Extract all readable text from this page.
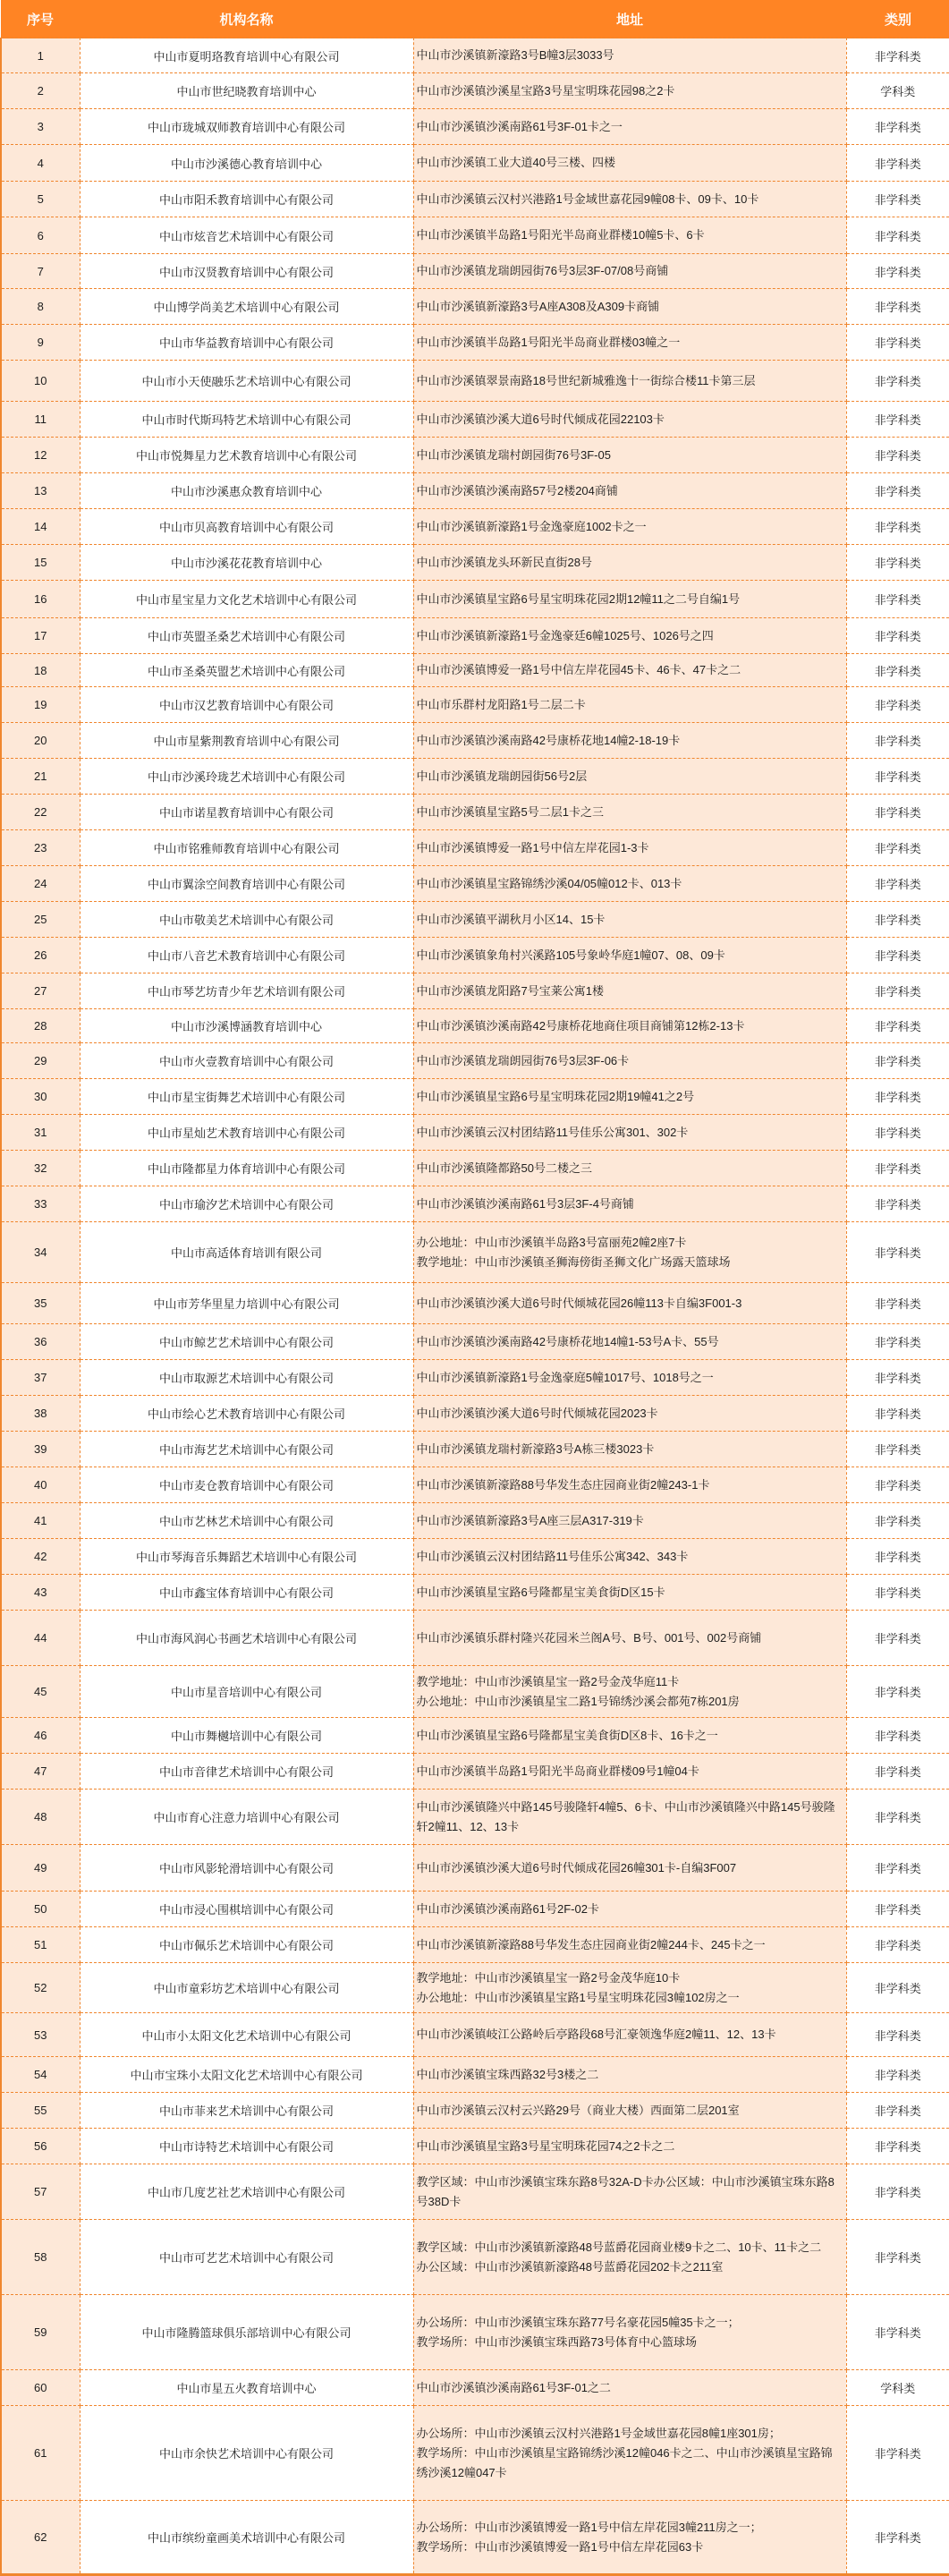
序号	机构名称	地址	类别
1	中山市夏明珞教育培训中心有限公司	中山市沙溪镇新濠路3号B幢3层3033号	非学科类
2	中山市世纪晓教育培训中心	中山市沙溪镇沙溪星宝路3号星宝明珠花园98之2卡	学科类
3	中山市珑城双师教育培训中心有限公司	中山市沙溪镇沙溪南路61号3F-01卡之一	非学科类
4	中山市沙溪德心教育培训中心	中山市沙溪镇工业大道40号三楼、四楼	非学科类
5	中山市阳禾教育培训中心有限公司	中山市沙溪镇云汉村兴港路1号金域世嘉花园9幢08卡、09卡、10卡	非学科类
6	中山市炫音艺术培训中心有限公司	中山市沙溪镇半岛路1号阳光半岛商业群楼10幢5卡、6卡	非学科类
7	中山市汉贤教育培训中心有限公司	中山市沙溪镇龙瑞朗园街76号3层3F-07/08号商铺	非学科类
8	中山博学尚美艺术培训中心有限公司	中山市沙溪镇新濠路3号A座A308及A309卡商铺	非学科类
9	中山市华益教育培训中心有限公司	中山市沙溪镇半岛路1号阳光半岛商业群楼03幢之一	非学科类
10	中山市小天使融乐艺术培训中心有限公司	中山市沙溪镇翠景南路18号世纪新城雅逸十一街综合楼11卡第三层	非学科类
11	中山市时代斯玛特艺术培训中心有限公司	中山市沙溪镇沙溪大道6号时代倾成花园22103卡	非学科类
12	中山市悦舞星力艺术教育培训中心有限公司	中山市沙溪镇龙瑞村朗园街76号3F-05	非学科类
13	中山市沙溪惠众教育培训中心	中山市沙溪镇沙溪南路57号2楼204商铺	非学科类
14	中山市贝高教育培训中心有限公司	中山市沙溪镇新濠路1号金逸豪庭1002卡之一	非学科类
15	中山市沙溪花花教育培训中心	中山市沙溪镇龙头环新民直街28号	非学科类
16	中山市星宝星力文化艺术培训中心有限公司	中山市沙溪镇星宝路6号星宝明珠花园2期12幢11之二号自编1号	非学科类
17	中山市英盟圣桑艺术培训中心有限公司	中山市沙溪镇新濠路1号金逸豪廷6幢1025号、1026号之四	非学科类
18	中山市圣桑英盟艺术培训中心有限公司	中山市沙溪镇博爱一路1号中信左岸花园45卡、46卡、47卡之二	非学科类
19	中山市汉艺教育培训中心有限公司	中山市乐群村龙阳路1号二层二卡	非学科类
20	中山市星紫荆教育培训中心有限公司	中山市沙溪镇沙溪南路42号康桥花地14幢2-18-19卡	非学科类
21	中山市沙溪玲珑艺术培训中心有限公司	中山市沙溪镇龙瑞朗园街56号2层	非学科类
22	中山市诺星教育培训中心有限公司	中山市沙溪镇星宝路5号二层1卡之三	非学科类
23	中山市铭雅师教育培训中心有限公司	中山市沙溪镇博爱一路1号中信左岸花园1-3卡	非学科类
24	中山市翼涂空间教育培训中心有限公司	中山市沙溪镇星宝路锦绣沙溪04/05幢012卡、013卡	非学科类
25	中山市敬美艺术培训中心有限公司	中山市沙溪镇平湖秋月小区14、15卡	非学科类
26	中山市八音艺术教育培训中心有限公司	中山市沙溪镇象角村兴溪路105号象岭华庭1幢07、08、09卡	非学科类
27	中山市琴艺坊青少年艺术培训有限公司	中山市沙溪镇龙阳路7号宝莱公寓1楼	非学科类
28	中山市沙溪博涵教育培训中心	中山市沙溪镇沙溪南路42号康桥花地商住项目商铺第12栋2-13卡	非学科类
29	中山市火壹教育培训中心有限公司	中山市沙溪镇龙瑞朗园街76号3层3F-06卡	非学科类
30	中山市星宝街舞艺术培训中心有限公司	中山市沙溪镇星宝路6号星宝明珠花园2期19幢41之2号	非学科类
31	中山市星灿艺术教育培训中心有限公司	中山市沙溪镇云汉村团结路11号佳乐公寓301、302卡	非学科类
32	中山市隆都星力体育培训中心有限公司	中山市沙溪镇隆都路50号二楼之三	非学科类
33	中山市瑜汐艺术培训中心有限公司	中山市沙溪镇沙溪南路61号3层3F-4号商铺	非学科类
34	中山市高适体育培训有限公司	办公地址：中山市沙溪镇半岛路3号富丽苑2幢2座7卡
教学地址：中山市沙溪镇圣狮海傍街圣狮文化广场露天篮球场	非学科类
35	中山市芳华里星力培训中心有限公司	中山市沙溪镇沙溪大道6号时代倾城花园26幢113卡自编3F001-3	非学科类
36	中山市鲸艺艺术培训中心有限公司	中山市沙溪镇沙溪南路42号康桥花地14幢1-53号A卡、55号	非学科类
37	中山市取源艺术培训中心有限公司	中山市沙溪镇新濠路1号金逸豪庭5幢1017号、1018号之一	非学科类
38	中山市绘心艺术教育培训中心有限公司	中山市沙溪镇沙溪大道6号时代倾城花园2023卡	非学科类
39	中山市海艺艺术培训中心有限公司	中山市沙溪镇龙瑞村新濠路3号A栋三楼3023卡	非学科类
40	中山市麦仓教育培训中心有限公司	中山市沙溪镇新濠路88号华发生态庄园商业街2幢243-1卡	非学科类
41	中山市艺林艺术培训中心有限公司	中山市沙溪镇新濠路3号A座三层A317-319卡	非学科类
42	中山市琴海音乐舞蹈艺术培训中心有限公司	中山市沙溪镇云汉村团结路11号佳乐公寓342、343卡	非学科类
43	中山市鑫宝体育培训中心有限公司	中山市沙溪镇星宝路6号隆都星宝美食街D区15卡	非学科类
44	中山市海风润心书画艺术培训中心有限公司	中山市沙溪镇乐群村隆兴花园米兰阁A号、B号、001号、002号商铺	非学科类
45	中山市星音培训中心有限公司	教学地址：中山市沙溪镇星宝一路2号金茂华庭11卡
办公地址：中山市沙溪镇星宝二路1号锦绣沙溪会都苑7栋201房	非学科类
46	中山市舞樾培训中心有限公司	中山市沙溪镇星宝路6号隆都星宝美食街D区8卡、16卡之一	非学科类
47	中山市音律艺术培训中心有限公司	中山市沙溪镇半岛路1号阳光半岛商业群楼09号1幢04卡	非学科类
48	中山市育心注意力培训中心有限公司	中山市沙溪镇隆兴中路145号骏隆轩4幢5、6卡、中山市沙溪镇隆兴中路145号骏隆轩2幢11、12、13卡	非学科类
49	中山市风影轮滑培训中心有限公司	中山市沙溪镇沙溪大道6号时代倾成花园26幢301卡-自编3F007	非学科类
50	中山市浸心围棋培训中心有限公司	中山市沙溪镇沙溪南路61号2F-02卡	非学科类
51	中山市佩乐艺术培训中心有限公司	中山市沙溪镇新濠路88号华发生态庄园商业街2幢244卡、245卡之一	非学科类
52	中山市童彩坊艺术培训中心有限公司	教学地址：中山市沙溪镇星宝一路2号金茂华庭10卡
办公地址：中山市沙溪镇星宝路1号星宝明珠花园3幢102房之一	非学科类
53	中山市小太阳文化艺术培训中心有限公司	中山市沙溪镇岐江公路岭后亭路段68号汇豪领逸华庭2幢11、12、13卡	非学科类
54	中山市宝珠小太阳文化艺术培训中心有限公司	中山市沙溪镇宝珠西路32号3楼之二	非学科类
55	中山市菲来艺术培训中心有限公司	中山市沙溪镇云汉村云兴路29号（商业大楼）西面第二层201室	非学科类
56	中山市诗特艺术培训中心有限公司	中山市沙溪镇星宝路3号星宝明珠花园74之2卡之二	非学科类
57	中山市几度艺社艺术培训中心有限公司	教学区域：中山市沙溪镇宝珠东路8号32A-D卡办公区域：中山市沙溪镇宝珠东路8号38D卡	非学科类
58	中山市可艺艺术培训中心有限公司	教学区域：中山市沙溪镇新濠路48号蓝爵花园商业楼9卡之二、10卡、11卡之二
办公区域：中山市沙溪镇新濠路48号蓝爵花园202卡之211室	非学科类
59	中山市隆腾篮球俱乐部培训中心有限公司	办公场所：中山市沙溪镇宝珠东路77号名豪花园5幢35卡之一；
教学场所：中山市沙溪镇宝珠西路73号体育中心篮球场	非学科类
60	中山市星五火教育培训中心	中山市沙溪镇沙溪南路61号3F-01之二	学科类
61	中山市余快艺术培训中心有限公司	办公场所：中山市沙溪镇云汉村兴港路1号金域世嘉花园8幢1座301房；
教学场所：中山市沙溪镇星宝路锦绣沙溪12幢046卡之二、中山市沙溪镇星宝路锦绣沙溪12幢047卡	非学科类
62	中山市缤纷童画美术培训中心有限公司	办公场所：中山市沙溪镇博爱一路1号中信左岸花园3幢211房之一；
教学场所：中山市沙溪镇博爱一路1号中信左岸花园63卡	非学科类
